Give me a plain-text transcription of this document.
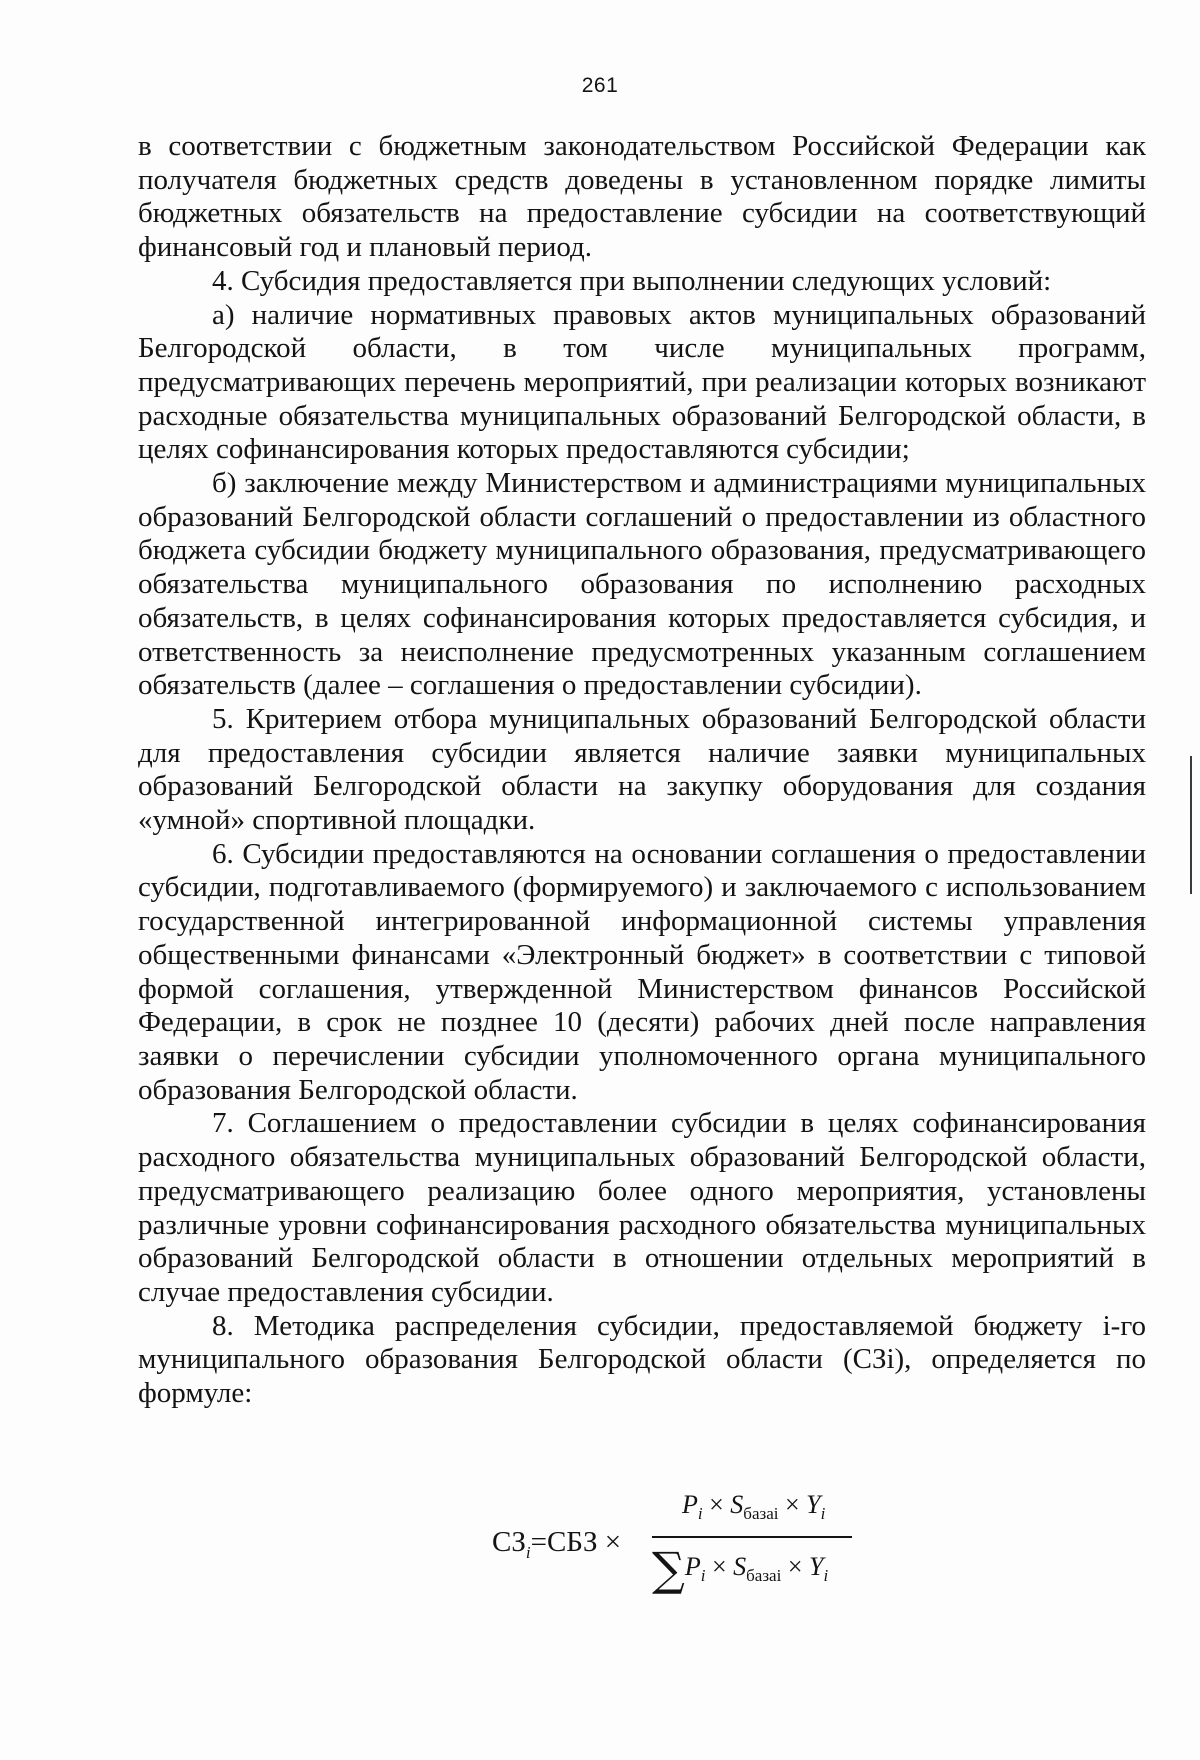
261

в соответствии с бюджетным законодательством Российской Федерации как получателя бюджетных средств доведены в установленном порядке лимиты бюджетных обязательств на предоставление субсидии на соответствующий финансовый год и плановый период.

4. Субсидия предоставляется при выполнении следующих условий:

а) наличие нормативных правовых актов муниципальных образований Белгородской области, в том числе муниципальных программ, предусматривающих перечень мероприятий, при реализации которых возникают расходные обязательства муниципальных образований Белгородской области, в целях софинансирования которых предоставляются субсидии;

б) заключение между Министерством и администрациями муниципальных образований Белгородской области соглашений о предоставлении из областного бюджета субсидии бюджету муниципального образования, предусматривающего обязательства муниципального образования по исполнению расходных обязательств, в целях софинансирования которых предоставляется субсидия, и ответственность за неисполнение предусмотренных указанным соглашением обязательств (далее – соглашения о предоставлении субсидии).

5. Критерием отбора муниципальных образований Белгородской области для предоставления субсидии является наличие заявки муниципальных образований Белгородской области на закупку оборудования для создания «умной» спортивной площадки.

6. Субсидии предоставляются на основании соглашения о предоставлении субсидии, подготавливаемого (формируемого) и заключаемого с использованием государственной интегрированной информационной системы управления общественными финансами «Электронный бюджет» в соответствии с типовой формой соглашения, утвержденной Министерством финансов Российской Федерации, в срок не позднее 10 (десяти) рабочих дней после направления заявки о перечислении субсидии уполномоченного органа муниципального образования Белгородской области.

7. Соглашением о предоставлении субсидии в целях софинансирования расходного обязательства муниципальных образований Белгородской области, предусматривающего реализацию более одного мероприятия, установлены различные уровни софинансирования расходного обязательства муниципальных образований Белгородской области в отношении отдельных мероприятий в случае предоставления субсидии.

8. Методика распределения субсидии, предоставляемой бюджету i-го муниципального образования Белгородской области (СЗi), определяется по формуле:

$СЗ_i=СБЗ$ ×
$P_i \times S_{базаi} \times Y_i$
$\sum P_i \times S_{базаi} \times Y_i$
